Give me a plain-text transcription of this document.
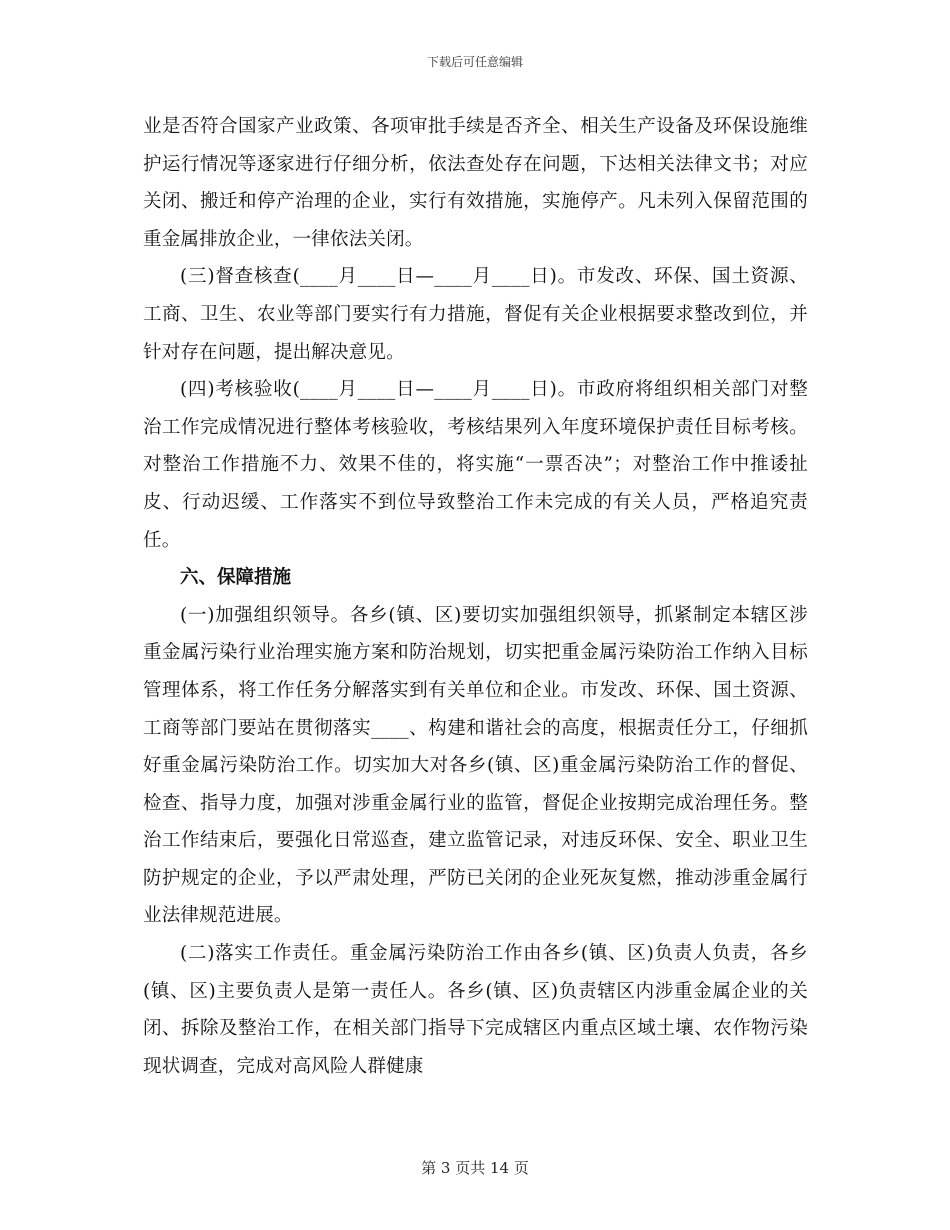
下载后可任意编辑

业是否符合国家产业政策、各项审批手续是否齐全、相关生产设备及环保设施维护运行情况等逐家进行仔细分析，依法查处存在问题，下达相关法律文书；对应关闭、搬迁和停产治理的企业，实行有效措施，实施停产。凡未列入保留范围的重金属排放企业，一律依法关闭。

(三)督查核查(____月____日—____月____日)。市发改、环保、国土资源、工商、卫生、农业等部门要实行有力措施，督促有关企业根据要求整改到位，并针对存在问题，提出解决意见。

(四)考核验收(____月____日—____月____日)。市政府将组织相关部门对整治工作完成情况进行整体考核验收，考核结果列入年度环境保护责任目标考核。对整治工作措施不力、效果不佳的，将实施“一票否决”；对整治工作中推诿扯皮、行动迟缓、工作落实不到位导致整治工作未完成的有关人员，严格追究责任。

六、保障措施

(一)加强组织领导。各乡(镇、区)要切实加强组织领导，抓紧制定本辖区涉重金属污染行业治理实施方案和防治规划，切实把重金属污染防治工作纳入目标管理体系，将工作任务分解落实到有关单位和企业。市发改、环保、国土资源、工商等部门要站在贯彻落实____、构建和谐社会的高度，根据责任分工，仔细抓好重金属污染防治工作。切实加大对各乡(镇、区)重金属污染防治工作的督促、检查、指导力度，加强对涉重金属行业的监管，督促企业按期完成治理任务。整治工作结束后，要强化日常巡查，建立监管记录，对违反环保、安全、职业卫生防护规定的企业，予以严肃处理，严防已关闭的企业死灰复燃，推动涉重金属行业法律规范进展。

(二)落实工作责任。重金属污染防治工作由各乡(镇、区)负责人负责，各乡(镇、区)主要负责人是第一责任人。各乡(镇、区)负责辖区内涉重金属企业的关闭、拆除及整治工作，在相关部门指导下完成辖区内重点区域土壤、农作物污染现状调查，完成对高风险人群健康

第 3 页共 14 页
